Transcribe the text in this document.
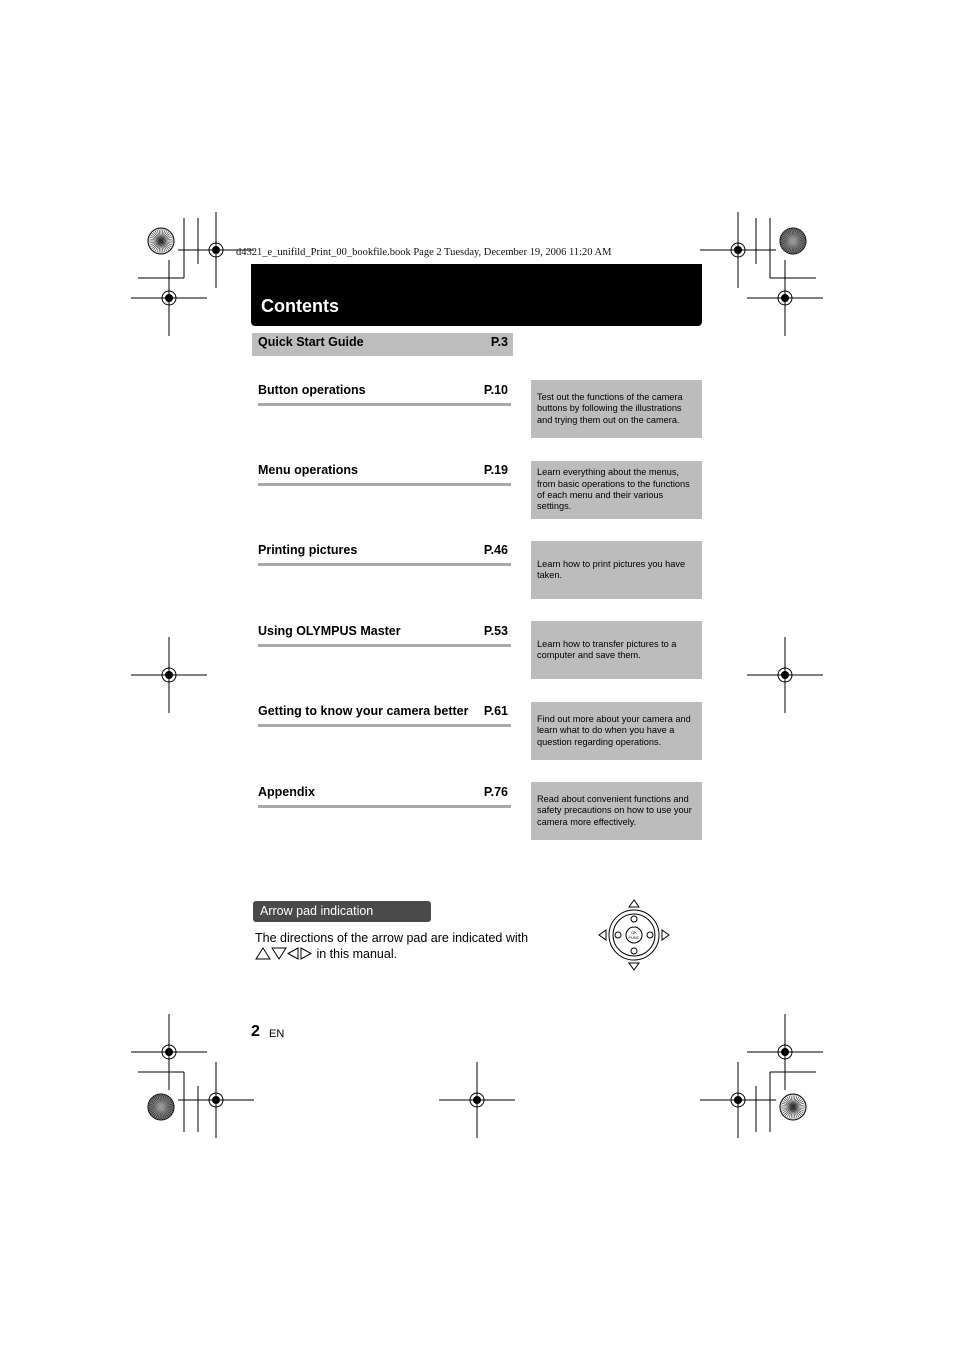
d4321_e_unifild_Print_00_bookfile.book Page 2 Tuesday, December 19, 2006 11:20 AM
Contents
Quick Start Guide	P.3
Button operations	P.10
Test out the functions of the camera buttons by following the illustrations and trying them out on the camera.
Menu operations	P.19	Learn everything about the menus, from basic operations to the functions of each menu and their various settings.
Printing pictures	P.46
Learn how to print pictures you have taken.
Using OLYMPUS Master	P.53
Learn how to transfer pictures to a computer and save them.
Getting to know your camera better P.61
Find out more about your camera and learn what to do when you have a question regarding operations.
Appendix	P.76
Read about convenient functions and safety precautions on how to use your camera more effectively.
Arrow pad indication
The directions of the arrow pad are indicated with
in this manual.
OK
FUNC
2 EN
